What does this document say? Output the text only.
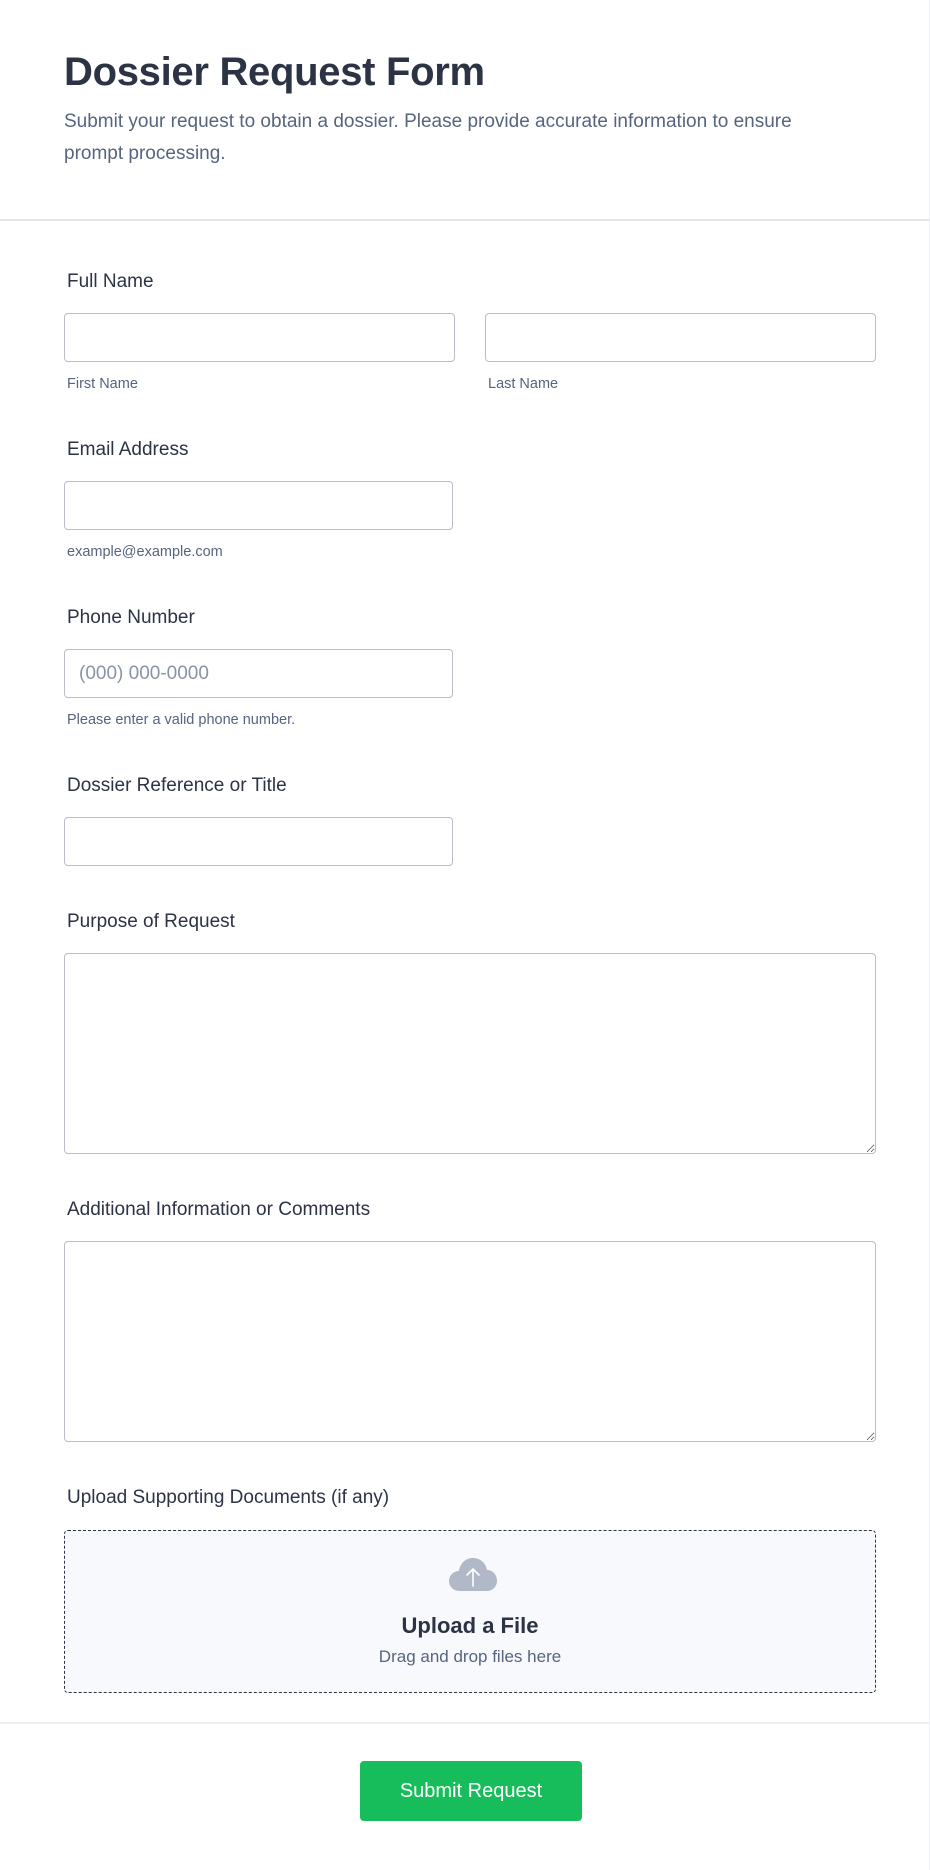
Dossier Request Form

Submit your request to obtain a dossier. Please provide accurate information to ensure prompt processing.

Full Name
First Name	Last Name
Email Address
example@example.com
Phone Number
(000) 000-0000
Please enter a valid phone number.
Dossier Reference or Title
Purpose of Request
Additional Information or Comments
Upload Supporting Documents (if any)
Upload a File
Drag and drop files here
Submit Request
